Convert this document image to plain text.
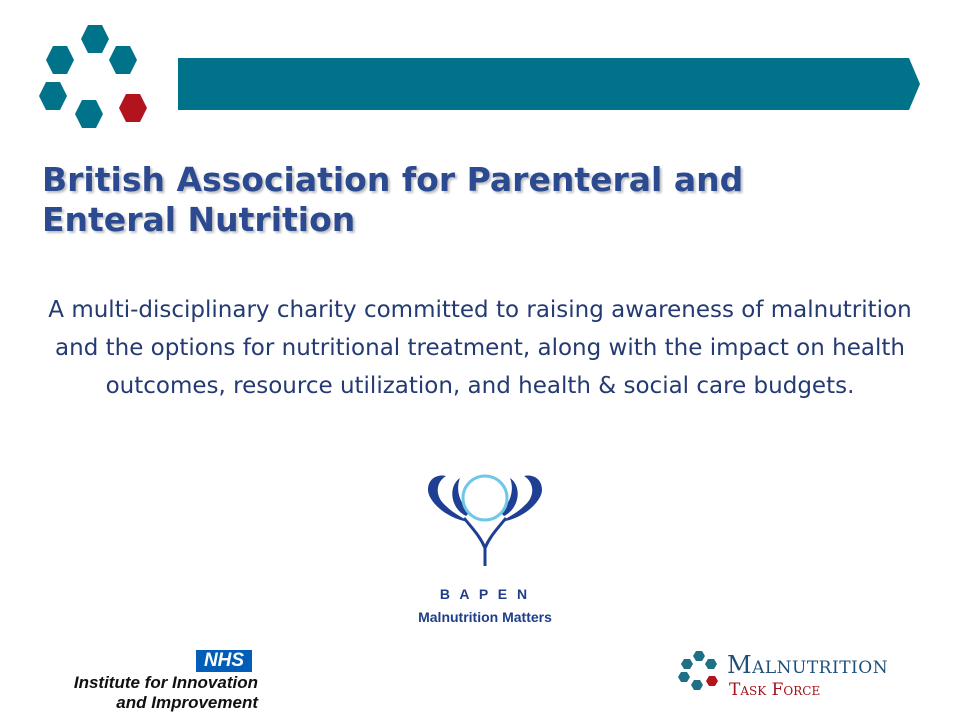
British Association for Parenteral and
Enteral Nutrition

A multi-disciplinary charity committed to raising awareness of malnutrition and the options for nutritional treatment, along with the impact on health outcomes, resource utilization, and health & social care budgets.

B A P E N
Malnutrition Matters
NHS
Institute for Innovation
and Improvement
Malnutrition
Task Force
